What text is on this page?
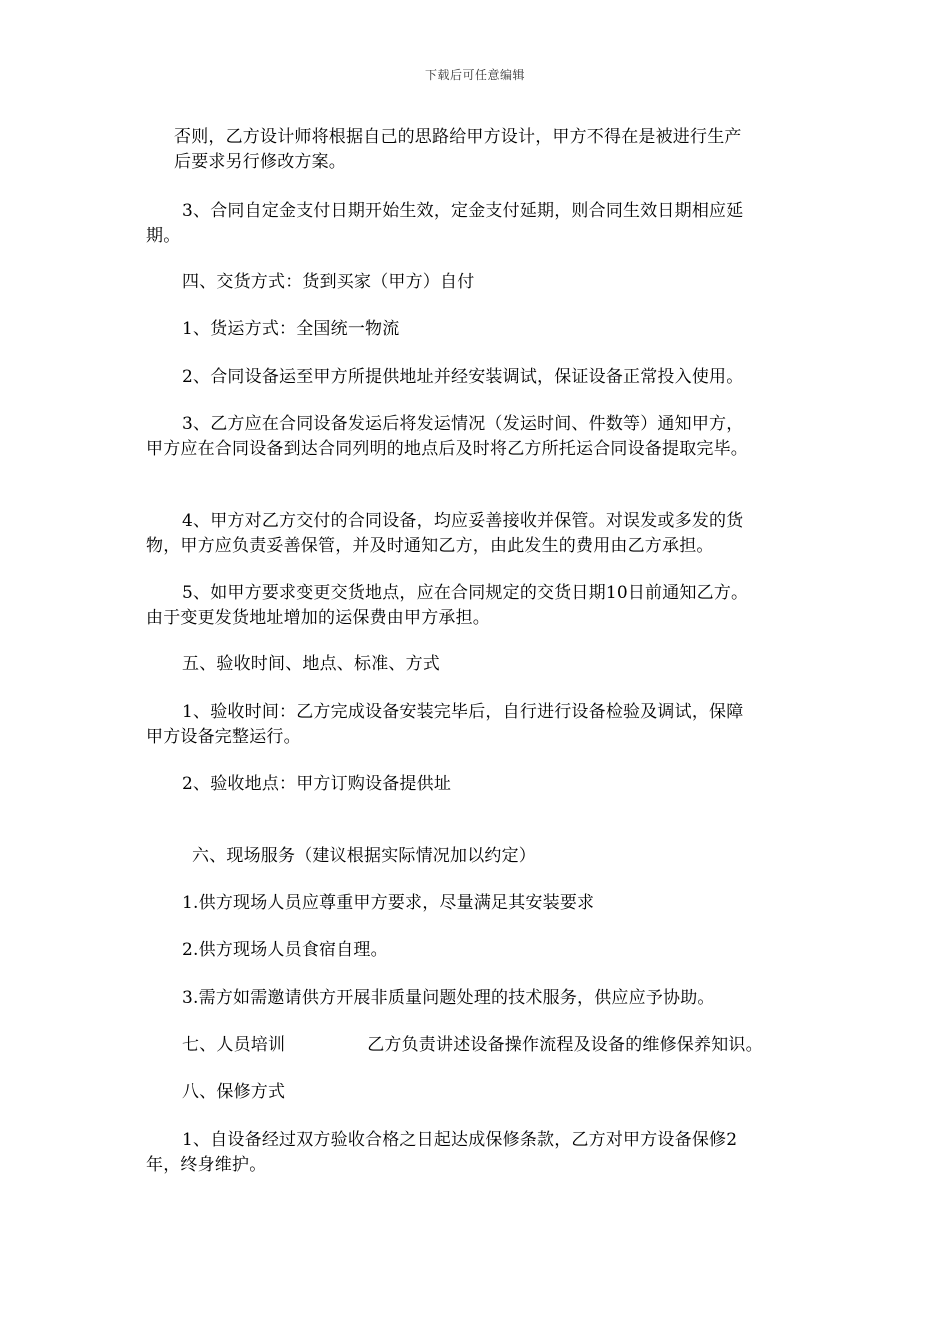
下载后可任意编辑
否则，乙方设计师将根据自己的思路给甲方设计，甲方不得在是被进行生产
后要求另行修改方案。
3、合同自定金支付日期开始生效，定金支付延期，则合同生效日期相应延
期。
四、交货方式：货到买家（甲方）自付
1、货运方式：全国统一物流
2、合同设备运至甲方所提供地址并经安装调试，保证设备正常投入使用。
3、乙方应在合同设备发运后将发运情况（发运时间、件数等）通知甲方，
甲方应在合同设备到达合同列明的地点后及时将乙方所托运合同设备提取完毕。
4、甲方对乙方交付的合同设备，均应妥善接收并保管。对误发或多发的货
物，甲方应负责妥善保管，并及时通知乙方，由此发生的费用由乙方承担。
5、如甲方要求变更交货地点，应在合同规定的交货日期10日前通知乙方。
由于变更发货地址增加的运保费由甲方承担。
五、验收时间、地点、标准、方式
1、验收时间：乙方完成设备安装完毕后，自行进行设备检验及调试，保障
甲方设备完整运行。
2、验收地点：甲方订购设备提供址
六、现场服务（建议根据实际情况加以约定）
1.供方现场人员应尊重甲方要求，尽量满足其安装要求
2.供方现场人员食宿自理。
3.需方如需邀请供方开展非质量问题处理的技术服务，供应应予协助。
七、人员培训	乙方负责讲述设备操作流程及设备的维修保养知识。
八、保修方式
1、自设备经过双方验收合格之日起达成保修条款，乙方对甲方设备保修2
年，终身维护。
